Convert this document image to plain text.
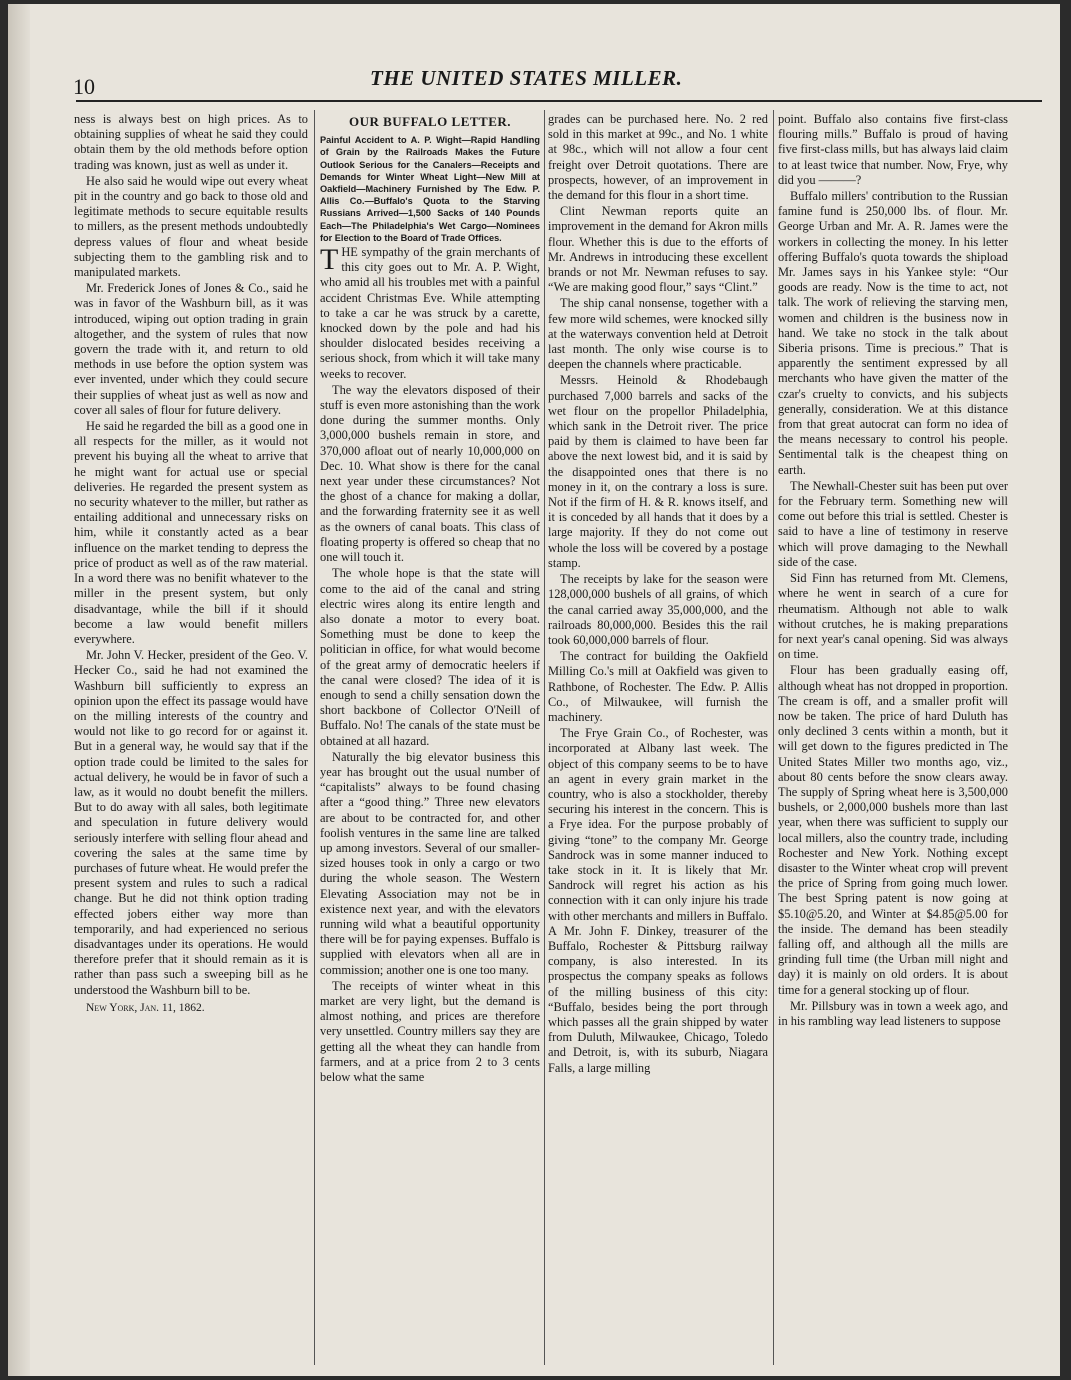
10	THE UNITED STATES MILLER.

ness is always best on high prices. As to obtaining supplies of wheat he said they could obtain them by the old methods before option trading was known, just as well as under it.

He also said he would wipe out every wheat pit in the country and go back to those old and legitimate methods to secure equitable results to millers, as the present methods undoubtedly depress values of flour and wheat beside subjecting them to the gambling risk and to manipulated markets.

Mr. Frederick Jones of Jones & Co., said he was in favor of the Washburn bill, as it was introduced, wiping out option trading in grain altogether, and the system of rules that now govern the trade with it, and return to old methods in use before the option system was ever invented, under which they could secure their supplies of wheat just as well as now and cover all sales of flour for future delivery.

He said he regarded the bill as a good one in all respects for the miller, as it would not prevent his buying all the wheat to arrive that he might want for actual use or special deliveries. He regarded the present system as no security whatever to the miller, but rather as entailing additional and unnecessary risks on him, while it constantly acted as a bear influence on the market tending to depress the price of product as well as of the raw material. In a word there was no benifit whatever to the miller in the present system, but only disadvantage, while the bill if it should become a law would benefit millers everywhere.

Mr. John V. Hecker, president of the Geo. V. Hecker Co., said he had not examined the Washburn bill sufficiently to express an opinion upon the effect its passage would have on the milling interests of the country and would not like to go record for or against it. But in a general way, he would say that if the option trade could be limited to the sales for actual delivery, he would be in favor of such a law, as it would no doubt benefit the millers. But to do away with all sales, both legitimate and speculation in future delivery would seriously interfere with selling flour ahead and covering the sales at the same time by purchases of future wheat. He would prefer the present system and rules to such a radical change. But he did not think option trading effected jobers either way more than temporarily, and had experienced no serious disadvantages under its operations. He would therefore prefer that it should remain as it is rather than pass such a sweeping bill as he understood the Washburn bill to be.

New York, Jan. 11, 1862.

OUR BUFFALO LETTER.

Painful Accident to A. P. Wight—Rapid Handling of Grain by the Railroads Makes the Future Outlook Serious for the Canalers—Receipts and Demands for Winter Wheat Light—New Mill at Oakfield—Machinery Furnished by The Edw. P. Allis Co.—Buffalo's Quota to the Starving Russians Arrived—1,500 Sacks of 140 Pounds Each—The Philadelphia's Wet Cargo—Nominees for Election to the Board of Trade Offices.

THE sympathy of the grain merchants of this city goes out to Mr. A. P. Wight, who amid all his troubles met with a painful accident Christmas Eve. While attempting to take a car he was struck by a carette, knocked down by the pole and had his shoulder dislocated besides receiving a serious shock, from which it will take many weeks to recover.

The way the elevators disposed of their stuff is even more astonishing than the work done during the summer months. Only 3,000,000 bushels remain in store, and 370,000 afloat out of nearly 10,000,000 on Dec. 10. What show is there for the canal next year under these circumstances? Not the ghost of a chance for making a dollar, and the forwarding fraternity see it as well as the owners of canal boats. This class of floating property is offered so cheap that no one will touch it.

The whole hope is that the state will come to the aid of the canal and string electric wires along its entire length and also donate a motor to every boat. Something must be done to keep the politician in office, for what would become of the great army of democratic heelers if the canal were closed? The idea of it is enough to send a chilly sensation down the short backbone of Collector O'Neill of Buffalo. No! The canals of the state must be obtained at all hazard.

Naturally the big elevator business this year has brought out the usual number of “capitalists” always to be found chasing after a “good thing.” Three new elevators are about to be contracted for, and other foolish ventures in the same line are talked up among investors. Several of our smaller-sized houses took in only a cargo or two during the whole season. The Western Elevating Association may not be in existence next year, and with the elevators running wild what a beautiful opportunity there will be for paying expenses. Buffalo is supplied with elevators when all are in commission; another one is one too many.

The receipts of winter wheat in this market are very light, but the demand is almost nothing, and prices are therefore very unsettled. Country millers say they are getting all the wheat they can handle from farmers, and at a price from 2 to 3 cents below what the same

grades can be purchased here. No. 2 red sold in this market at 99c., and No. 1 white at 98c., which will not allow a four cent freight over Detroit quotations. There are prospects, however, of an improvement in the demand for this flour in a short time.

Clint Newman reports quite an improvement in the demand for Akron mills flour. Whether this is due to the efforts of Mr. Andrews in introducing these excellent brands or not Mr. Newman refuses to say. “We are making good flour,” says “Clint.”

The ship canal nonsense, together with a few more wild schemes, were knocked silly at the waterways convention held at Detroit last month. The only wise course is to deepen the channels where practicable.

Messrs. Heinold & Rhodebaugh purchased 7,000 barrels and sacks of the wet flour on the propellor Philadelphia, which sank in the Detroit river. The price paid by them is claimed to have been far above the next lowest bid, and it is said by the disappointed ones that there is no money in it, on the contrary a loss is sure. Not if the firm of H. & R. knows itself, and it is conceded by all hands that it does by a large majority. If they do not come out whole the loss will be covered by a postage stamp.

The receipts by lake for the season were 128,000,000 bushels of all grains, of which the canal carried away 35,000,000, and the railroads 80,000,000. Besides this the rail took 60,000,000 barrels of flour.

The contract for building the Oakfield Milling Co.'s mill at Oakfield was given to Rathbone, of Rochester. The Edw. P. Allis Co., of Milwaukee, will furnish the machinery.

The Frye Grain Co., of Rochester, was incorporated at Albany last week. The object of this company seems to be to have an agent in every grain market in the country, who is also a stockholder, thereby securing his interest in the concern. This is a Frye idea. For the purpose probably of giving “tone” to the company Mr. George Sandrock was in some manner induced to take stock in it. It is likely that Mr. Sandrock will regret his action as his connection with it can only injure his trade with other merchants and millers in Buffalo. A Mr. John F. Dinkey, treasurer of the Buffalo, Rochester & Pittsburg railway company, is also interested. In its prospectus the company speaks as follows of the milling business of this city: “Buffalo, besides being the port through which passes all the grain shipped by water from Duluth, Milwaukee, Chicago, Toledo and Detroit, is, with its suburb, Niagara Falls, a large milling

point. Buffalo also contains five first-class flouring mills.” Buffalo is proud of having five first-class mills, but has always laid claim to at least twice that number. Now, Frye, why did you ———?

Buffalo millers' contribution to the Russian famine fund is 250,000 lbs. of flour. Mr. George Urban and Mr. A. R. James were the workers in collecting the money. In his letter offering Buffalo's quota towards the shipload Mr. James says in his Yankee style: “Our goods are ready. Now is the time to act, not talk. The work of relieving the starving men, women and children is the business now in hand. We take no stock in the talk about Siberia prisons. Time is precious.” That is apparently the sentiment expressed by all merchants who have given the matter of the czar's cruelty to convicts, and his subjects generally, consideration. We at this distance from that great autocrat can form no idea of the means necessary to control his people. Sentimental talk is the cheapest thing on earth.

The Newhall-Chester suit has been put over for the February term. Something new will come out before this trial is settled. Chester is said to have a line of testimony in reserve which will prove damaging to the Newhall side of the case.

Sid Finn has returned from Mt. Clemens, where he went in search of a cure for rheumatism. Although not able to walk without crutches, he is making preparations for next year's canal opening. Sid was always on time.

Flour has been gradually easing off, although wheat has not dropped in proportion. The cream is off, and a smaller profit will now be taken. The price of hard Duluth has only declined 3 cents within a month, but it will get down to the figures predicted in The United States Miller two months ago, viz., about 80 cents before the snow clears away. The supply of Spring wheat here is 3,500,000 bushels, or 2,000,000 bushels more than last year, when there was sufficient to supply our local millers, also the country trade, including Rochester and New York. Nothing except disaster to the Winter wheat crop will prevent the price of Spring from going much lower. The best Spring patent is now going at $5.10@5.20, and Winter at $4.85@5.00 for the inside. The demand has been steadily falling off, and although all the mills are grinding full time (the Urban mill night and day) it is mainly on old orders. It is about time for a general stocking up of flour.

Mr. Pillsbury was in town a week ago, and in his rambling way lead listeners to suppose
